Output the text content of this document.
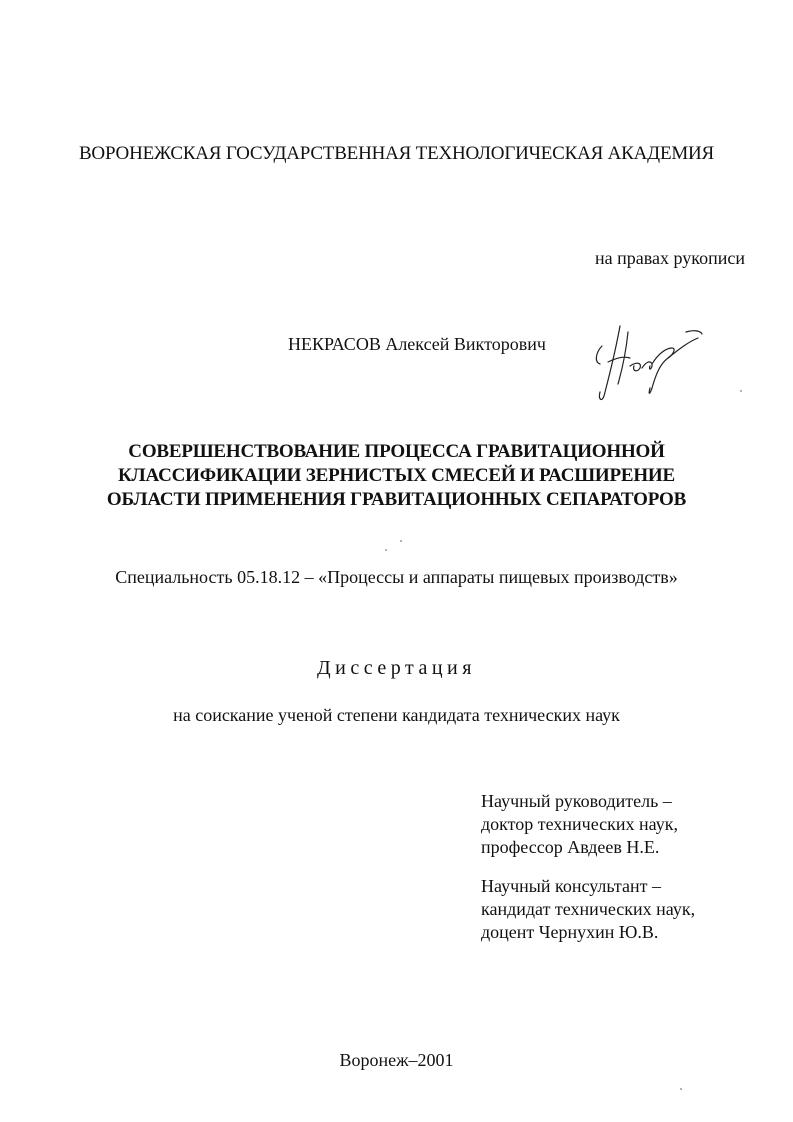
ВОРОНЕЖСКАЯ ГОСУДАРСТВЕННАЯ ТЕХНОЛОГИЧЕСКАЯ АКАДЕМИЯ
на правах рукописи
НЕКРАСОВ Алексей Викторович
СОВЕРШЕНСТВОВАНИЕ ПРОЦЕССА ГРАВИТАЦИОННОЙ
КЛАССИФИКАЦИИ ЗЕРНИСТЫХ СМЕСЕЙ И РАСШИРЕНИЕ
ОБЛАСТИ ПРИМЕНЕНИЯ ГРАВИТАЦИОННЫХ СЕПАРАТОРОВ
Специальность 05.18.12 – «Процессы и аппараты пищевых производств»
Диссертация
на соискание ученой степени кандидата технических наук
Научный руководитель –
доктор технических наук,
профессор Авдеев Н.Е.
Научный консультант –
кандидат технических наук,
доцент Чернухин Ю.В.
Воронеж–2001
